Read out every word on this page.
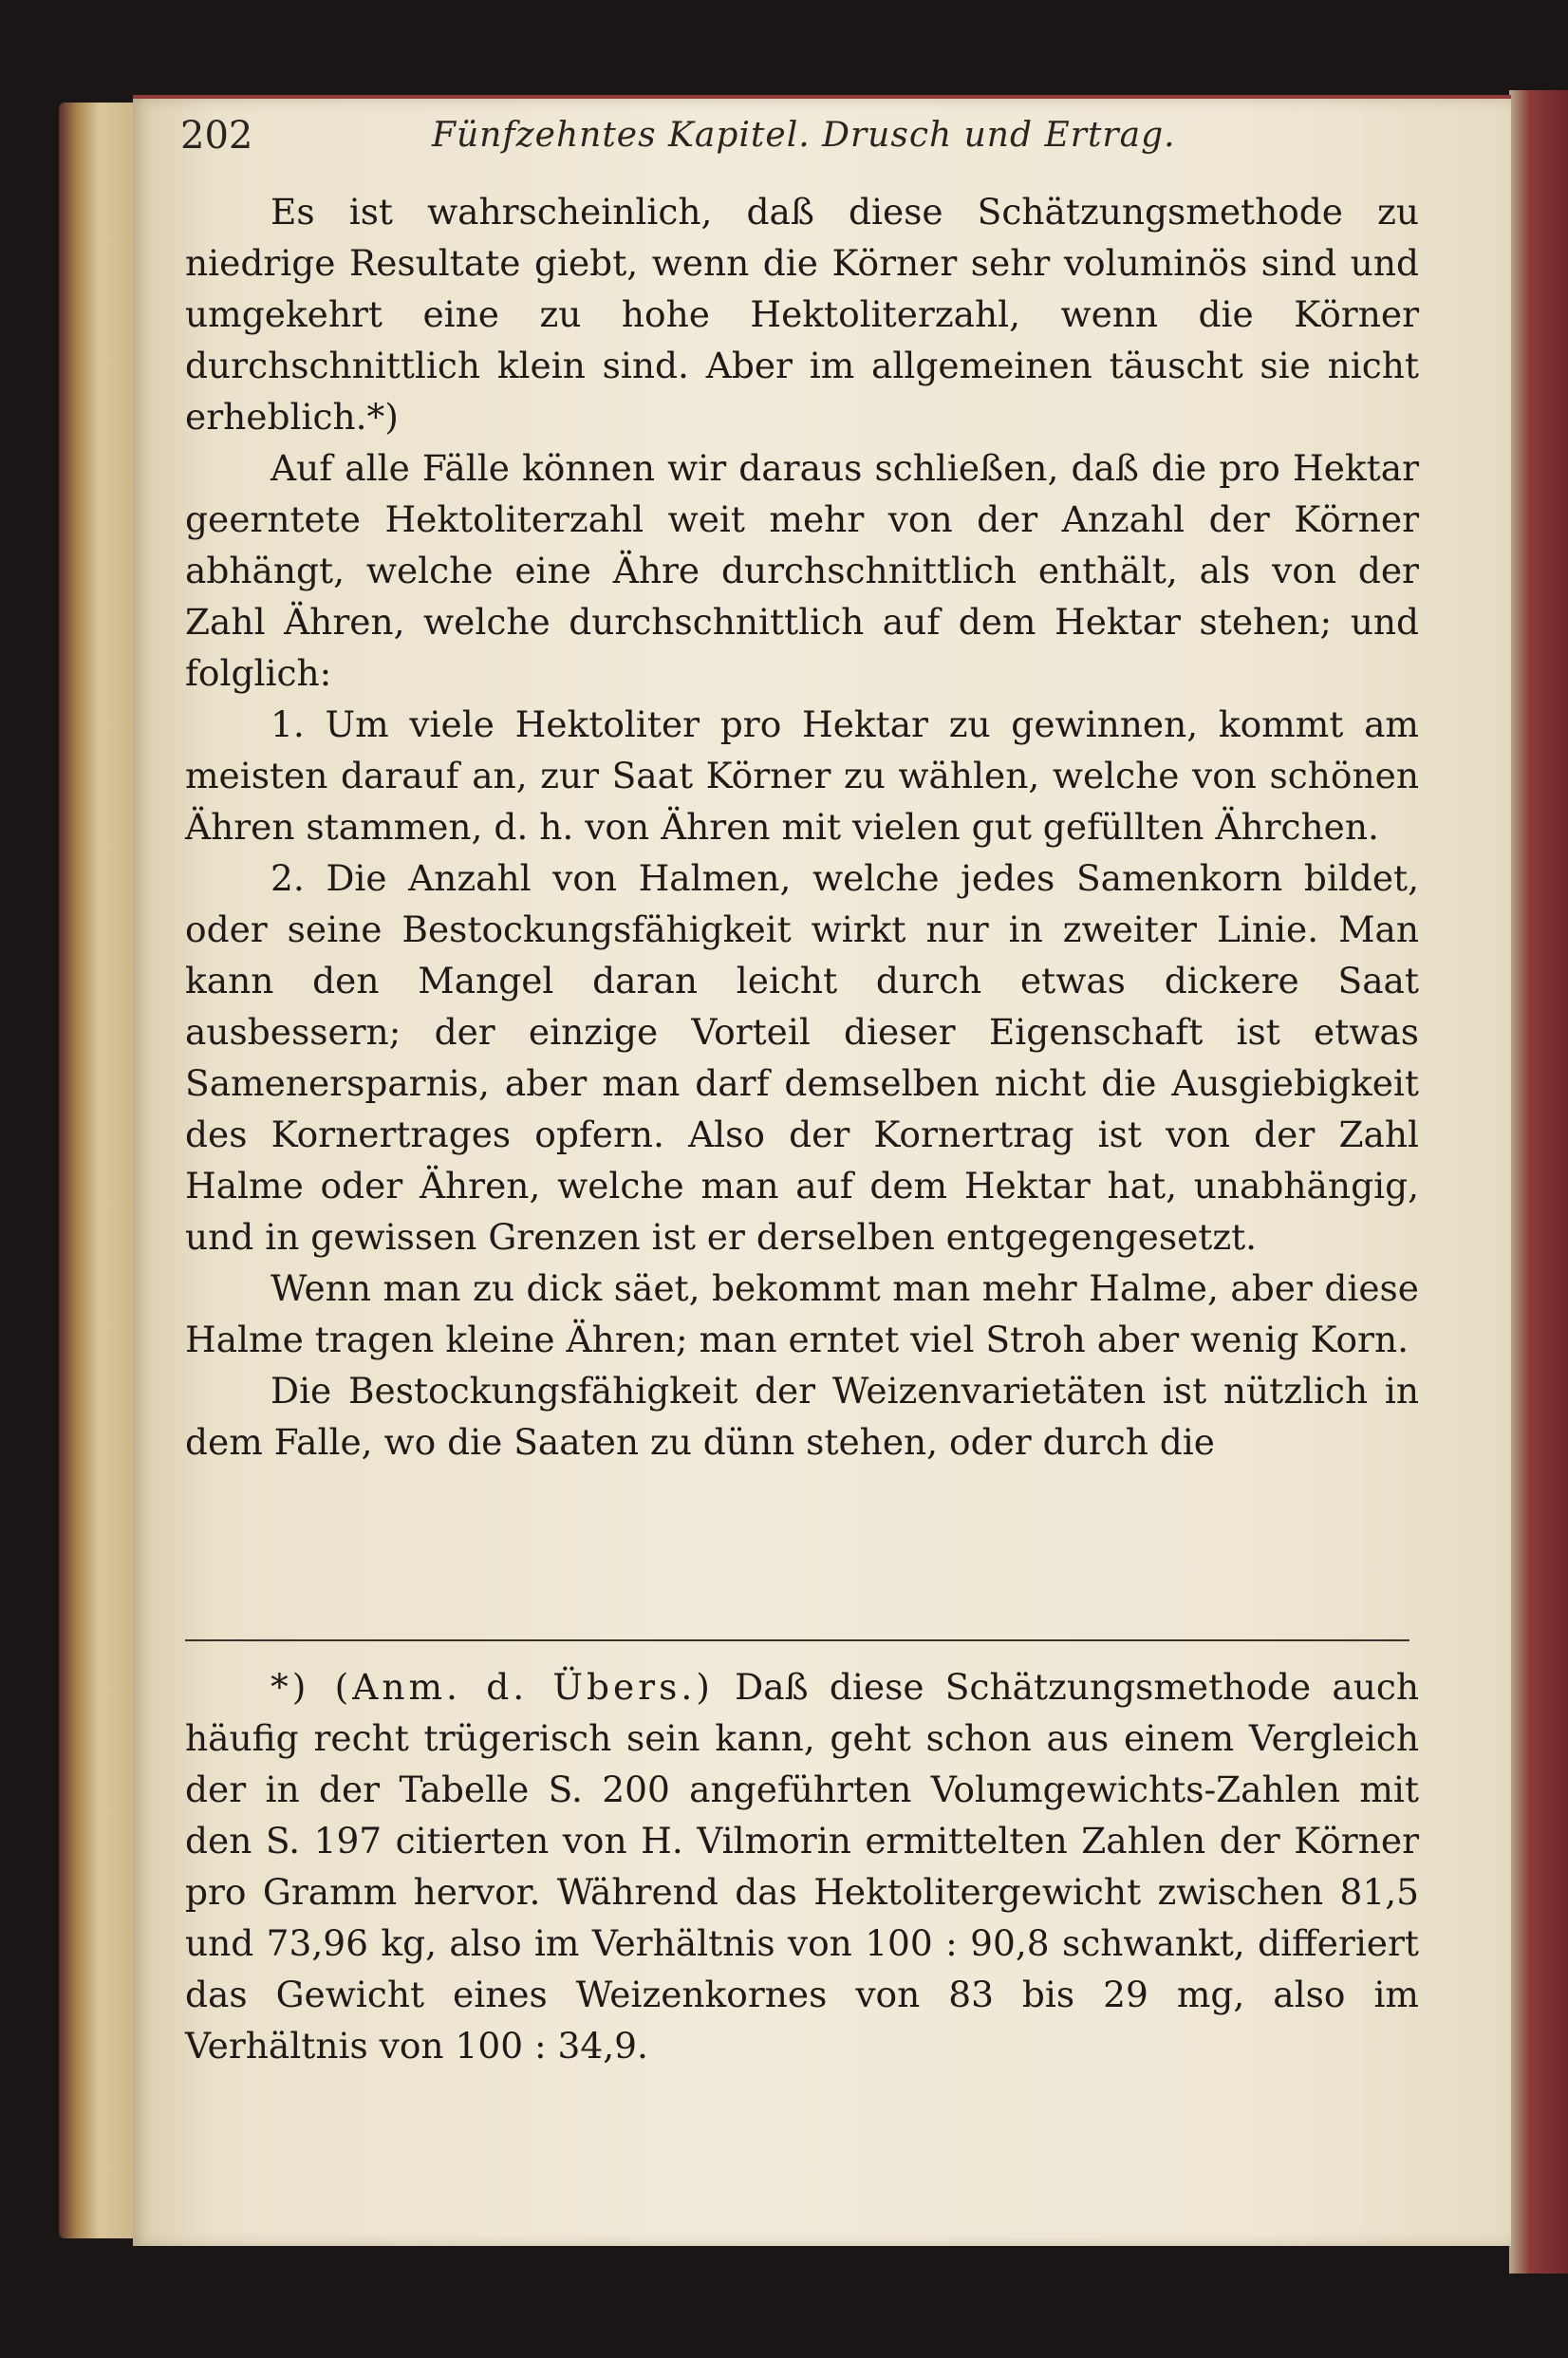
202	Fünfzehntes Kapitel. Drusch und Ertrag.

Es ist wahrscheinlich, daß diese Schätzungsmethode zu niedrige Resultate giebt, wenn die Körner sehr voluminös sind und umgekehrt eine zu hohe Hektoliterzahl, wenn die Körner durchschnittlich klein sind. Aber im allgemeinen täuscht sie nicht erheblich.*)

Auf alle Fälle können wir daraus schließen, daß die pro Hektar geerntete Hektoliterzahl weit mehr von der Anzahl der Körner abhängt, welche eine Ähre durchschnittlich enthält, als von der Zahl Ähren, welche durchschnittlich auf dem Hektar stehen; und folglich:

1. Um viele Hektoliter pro Hektar zu gewinnen, kommt am meisten darauf an, zur Saat Körner zu wählen, welche von schönen Ähren stammen, d. h. von Ähren mit vielen gut gefüllten Ährchen.

2. Die Anzahl von Halmen, welche jedes Samenkorn bildet, oder seine Bestockungsfähigkeit wirkt nur in zweiter Linie. Man kann den Mangel daran leicht durch etwas dickere Saat ausbessern; der einzige Vorteil dieser Eigenschaft ist etwas Samenersparnis, aber man darf demselben nicht die Ausgiebigkeit des Kornertrages opfern. Also der Kornertrag ist von der Zahl Halme oder Ähren, welche man auf dem Hektar hat, unabhängig, und in gewissen Grenzen ist er derselben entgegengesetzt.

Wenn man zu dick säet, bekommt man mehr Halme, aber diese Halme tragen kleine Ähren; man erntet viel Stroh aber wenig Korn.

Die Bestockungsfähigkeit der Weizenvarietäten ist nützlich in dem Falle, wo die Saaten zu dünn stehen, oder durch die

*) (Anm. d. Übers.) Daß diese Schätzungsmethode auch häufig recht trügerisch sein kann, geht schon aus einem Vergleich der in der Tabelle S. 200 angeführten Volumgewichts-Zahlen mit den S. 197 citierten von H. Vilmorin ermittelten Zahlen der Körner pro Gramm hervor. Während das Hektolitergewicht zwischen 81,5 und 73,96 kg, also im Verhältnis von 100 : 90,8 schwankt, differiert das Gewicht eines Weizenkornes von 83 bis 29 mg, also im Verhältnis von 100 : 34,9.
